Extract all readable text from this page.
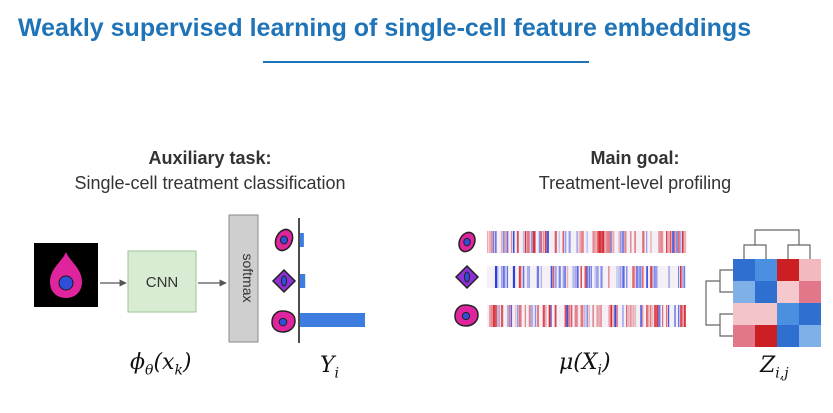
Weakly supervised learning of single-cell feature embeddings
Auxiliary task:
Single-cell treatment classification
Main goal:
Treatment-level profiling
CNN	softmax
$\phi_\theta(x_k)$	$Y_i$	$\mu(X_i)$	$Z_{i,j}$
